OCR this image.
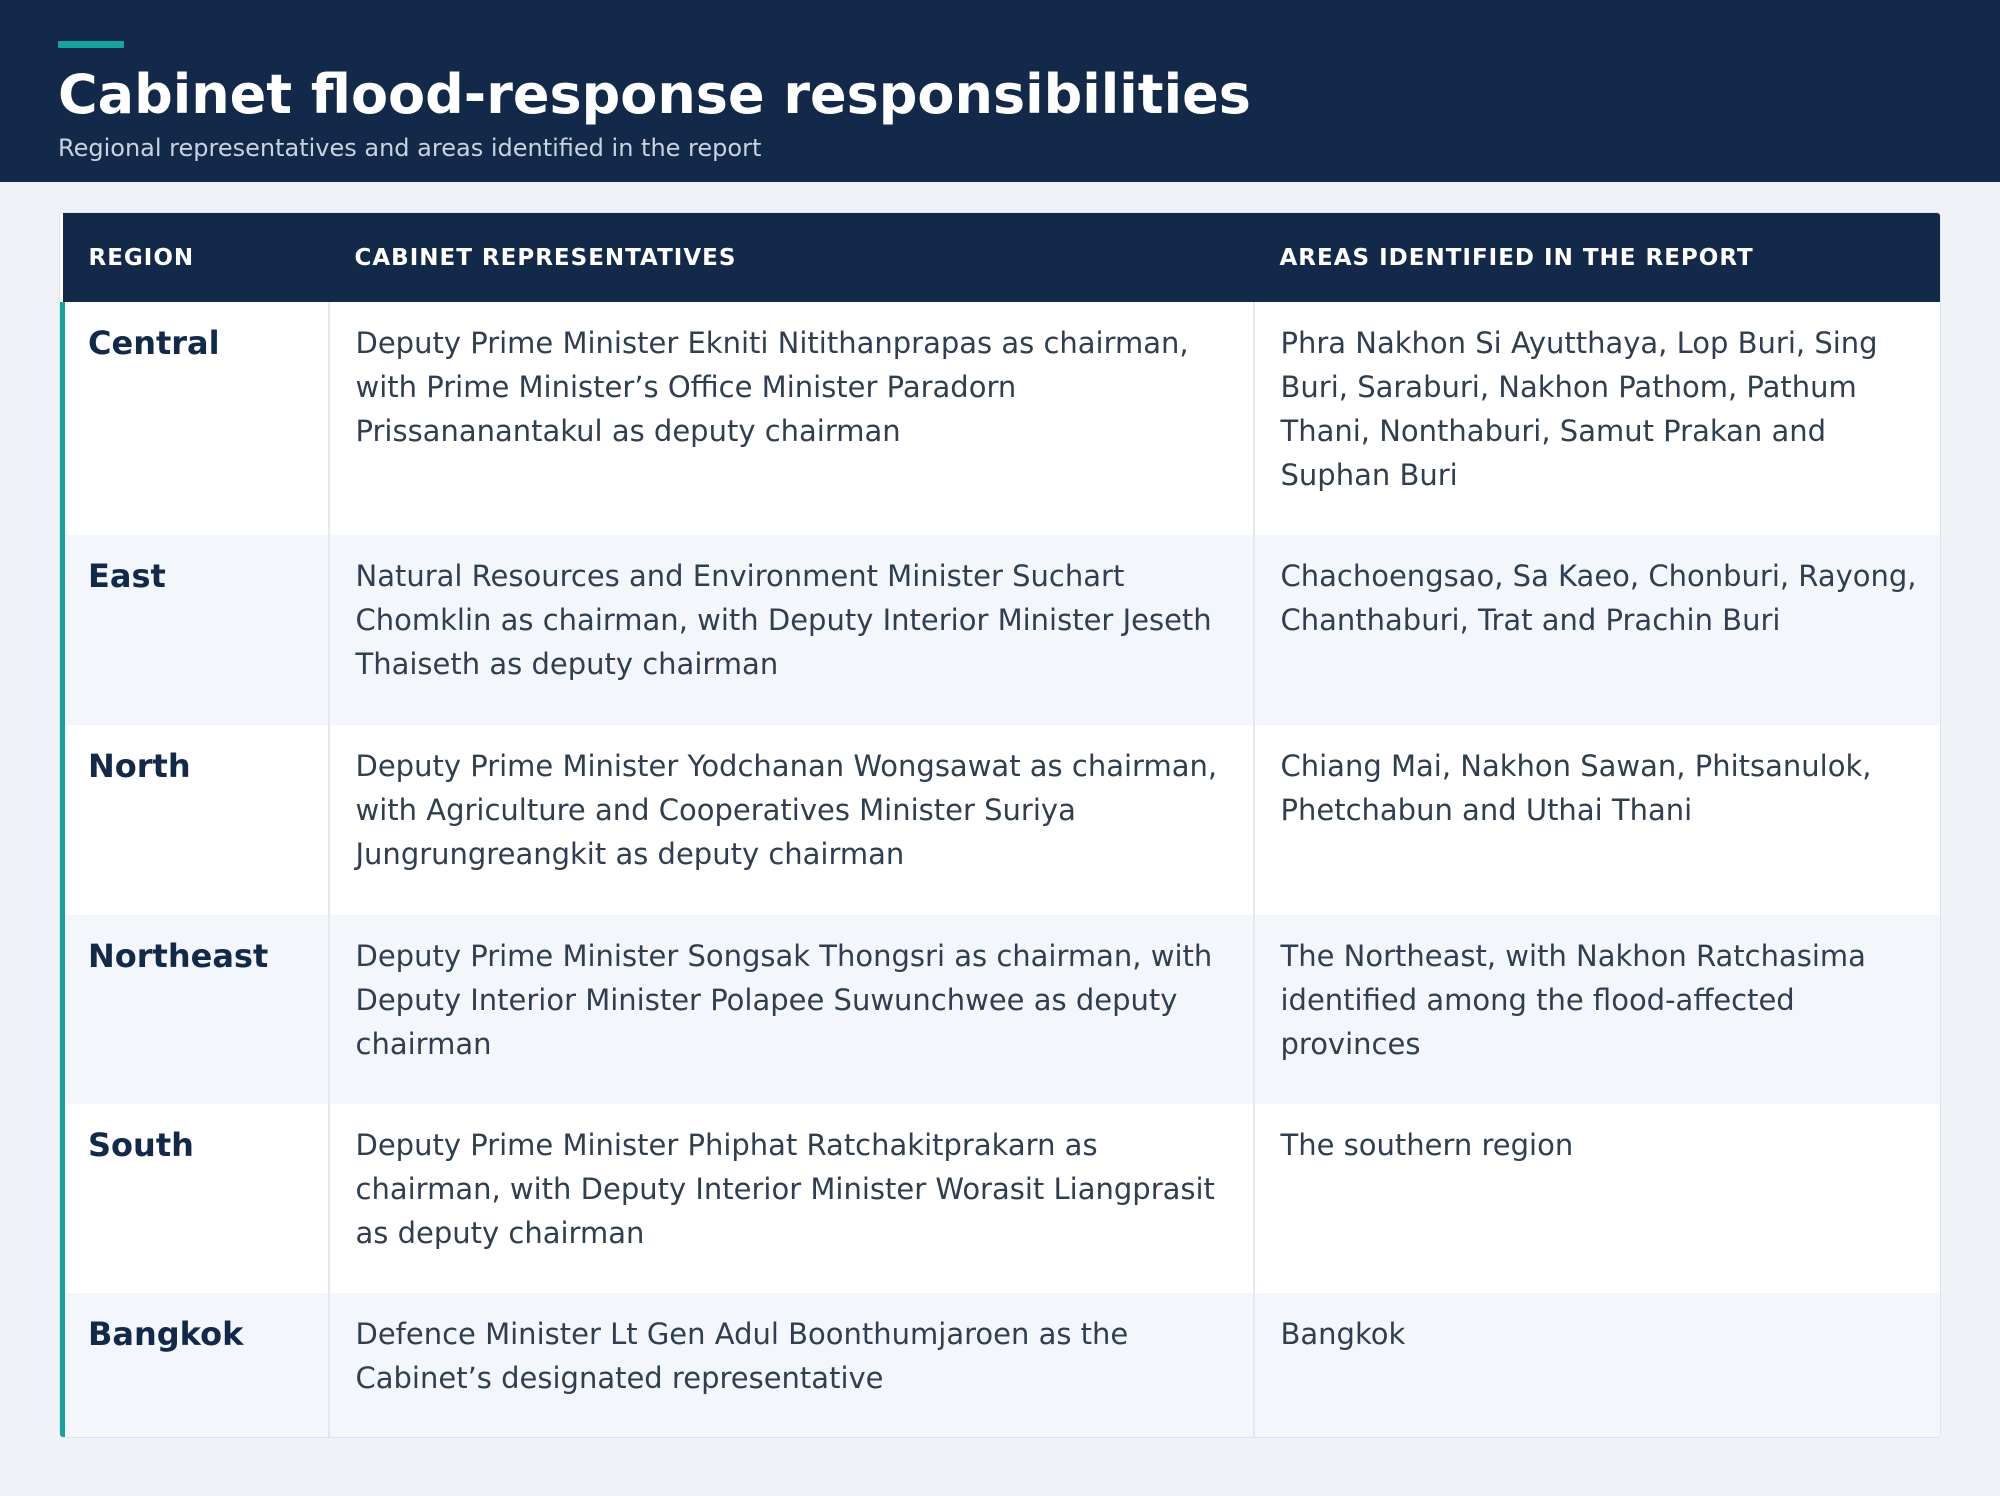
Cabinet flood-response responsibilities

Regional representatives and areas identified in the report

REGION	CABINET REPRESENTATIVES	AREAS IDENTIFIED IN THE REPORT
Central	Deputy Prime Minister Ekniti Nitithanprapas as chairman, with Prime Minister’s Office Minister Paradorn Prissananantakul as deputy chairman	Phra Nakhon Si Ayutthaya, Lop Buri, Sing Buri, Saraburi, Nakhon Pathom, Pathum Thani, Nonthaburi, Samut Prakan and Suphan Buri
East	Natural Resources and Environment Minister Suchart Chomklin as chairman, with Deputy Interior Minister Jeseth Thaiseth as deputy chairman	Chachoengsao, Sa Kaeo, Chonburi, Rayong, Chanthaburi, Trat and Prachin Buri
North	Deputy Prime Minister Yodchanan Wongsawat as chairman, with Agriculture and Cooperatives Minister Suriya Jungrungreangkit as deputy chairman	Chiang Mai, Nakhon Sawan, Phitsanulok, Phetchabun and Uthai Thani
Northeast	Deputy Prime Minister Songsak Thongsri as chairman, with Deputy Interior Minister Polapee Suwunchwee as deputy chairman	The Northeast, with Nakhon Ratchasima identified among the flood-affected provinces
South	Deputy Prime Minister Phiphat Ratchakitprakarn as chairman, with Deputy Interior Minister Worasit Liangprasit as deputy chairman	The southern region
Bangkok	Defence Minister Lt Gen Adul Boonthumjaroen as the Cabinet’s designated representative	Bangkok
